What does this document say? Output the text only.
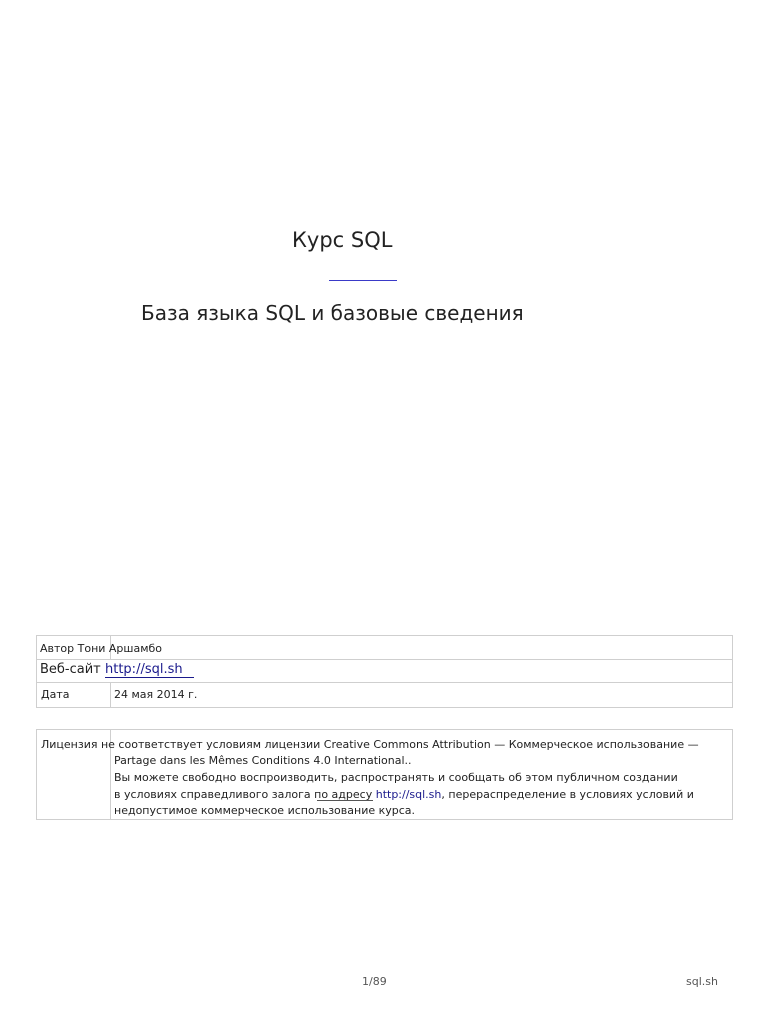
Курс SQL
База языка SQL и базовые сведения
Автор Тони Аршамбо
Веб-сайт http://sql.sh
Дата	24 мая 2014 г.
Лицензия не соответствует условиям лицензии Creative Commons Attribution — Коммерческое использование —
Partage dans les Mêmes Conditions 4.0 International..
Вы можете свободно воспроизводить, распространять и сообщать об этом публичном создании
в условиях справедливого залога по адресу http://sql.sh, перераспределение в условиях условий и
недопустимое коммерческое использование курса.
1/89	sql.sh
